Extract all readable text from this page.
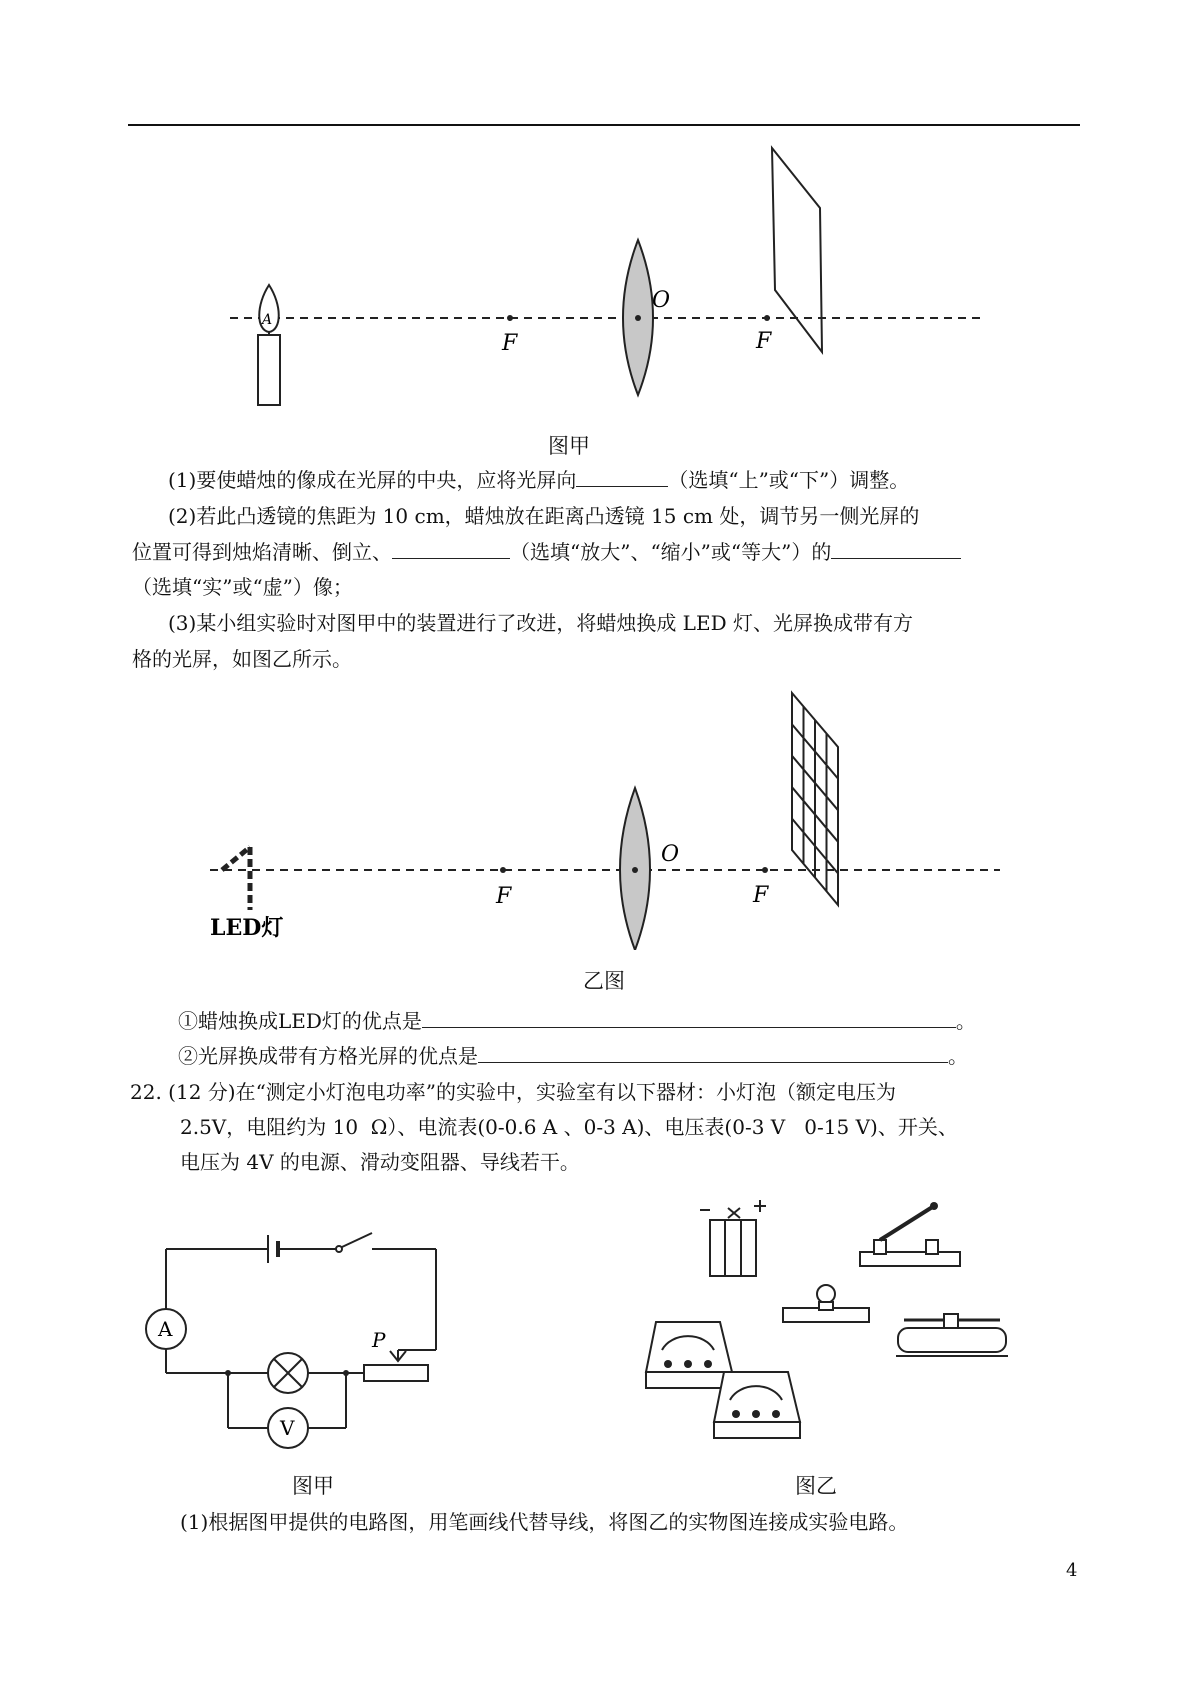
A
F
O
F
图甲
(1)要使蜡烛的像成在光屏的中央，应将光屏向	（选填“上”或“下”）调整。
(2)若此凸透镜的焦距为 10 cm，蜡烛放在距离凸透镜 15 cm 处，调节另一侧光屏的
位置可得到烛焰清晰、倒立、	（选填“放大”、“缩小”或“等大”）的
（选填“实”或“虚”）像；
(3)某小组实验时对图甲中的装置进行了改进，将蜡烛换成 LED 灯、光屏换成带有方
格的光屏，如图乙所示。
LED灯
F
O
F
乙图
①蜡烛换成LED灯的优点是	。
②光屏换成带有方格光屏的优点是	。
22. (12 分)在“测定小灯泡电功率”的实验中，实验室有以下器材：小灯泡（额定电压为
2.5V，电阻约为 10  Ω）、电流表(0-0.6 A 、0-3 A)、电压表(0-3 V   0-15 V)、开关、
电压为 4V 的电源、滑动变阻器、导线若干。
A
V
P
图甲	图乙
(1)根据图甲提供的电路图，用笔画线代替导线，将图乙的实物图连接成实验电路。
4
